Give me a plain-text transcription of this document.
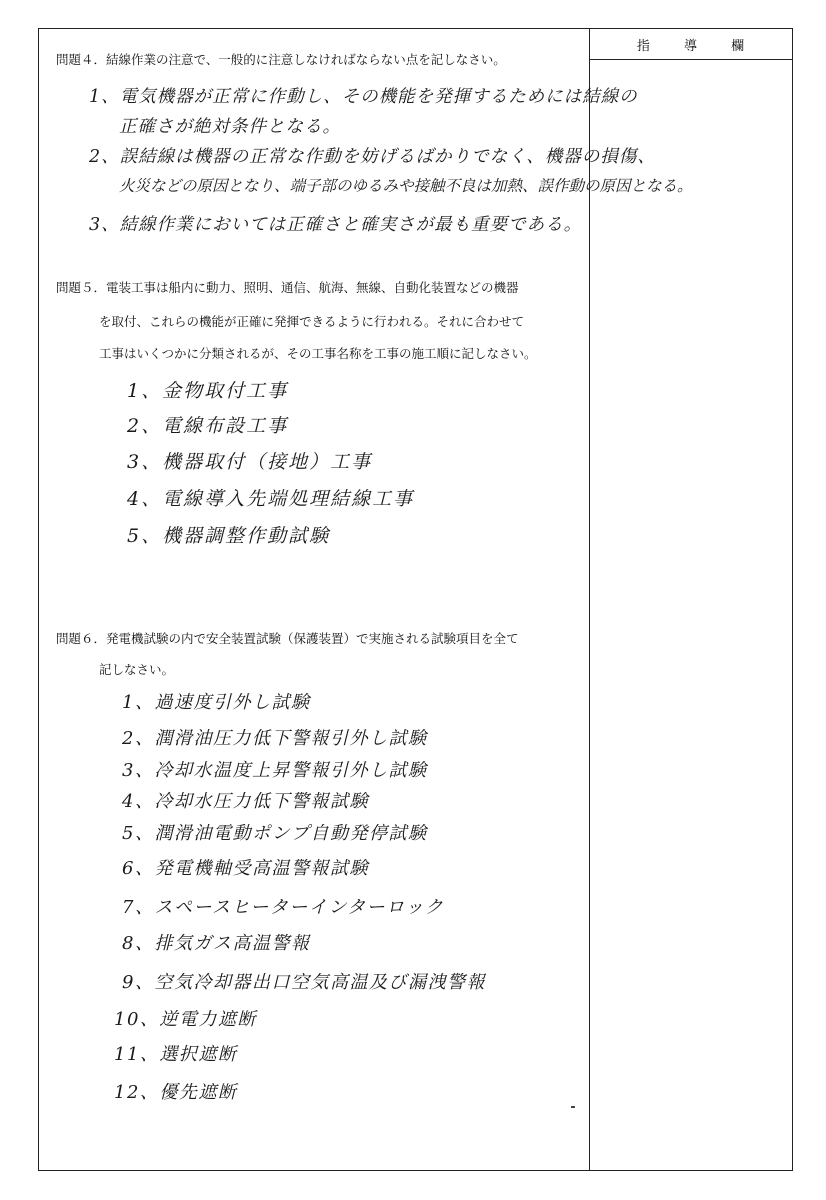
指 導 欄
問題４．結線作業の注意で、一般的に注意しなければならない点を記しなさい。
1、電気機器が正常に作動し、その機能を発揮するためには結線の
正確さが絶対条件となる。
2、誤結線は機器の正常な作動を妨げるばかりでなく、機器の損傷、
火災などの原因となり、端子部のゆるみや接触不良は加熱、誤作動の原因となる。
3、結線作業においては正確さと確実さが最も重要である。
問題５．電装工事は船内に動力、照明、通信、航海、無線、自動化装置などの機器
を取付、これらの機能が正確に発揮できるように行われる。それに合わせて
工事はいくつかに分類されるが、その工事名称を工事の施工順に記しなさい。
1、金物取付工事
2、電線布設工事
3、機器取付（接地）工事
4、電線導入先端処理結線工事
5、機器調整作動試験
問題６．発電機試験の内で安全装置試験（保護装置）で実施される試験項目を全て
記しなさい。
1、過速度引外し試験
2、潤滑油圧力低下警報引外し試験
3、冷却水温度上昇警報引外し試験
4、冷却水圧力低下警報試験
5、潤滑油電動ポンプ自動発停試験
6、発電機軸受高温警報試験
7、スペースヒーターインターロック
8、排気ガス高温警報
9、空気冷却器出口空気高温及び漏洩警報
10、逆電力遮断
11、選択遮断
12、優先遮断
